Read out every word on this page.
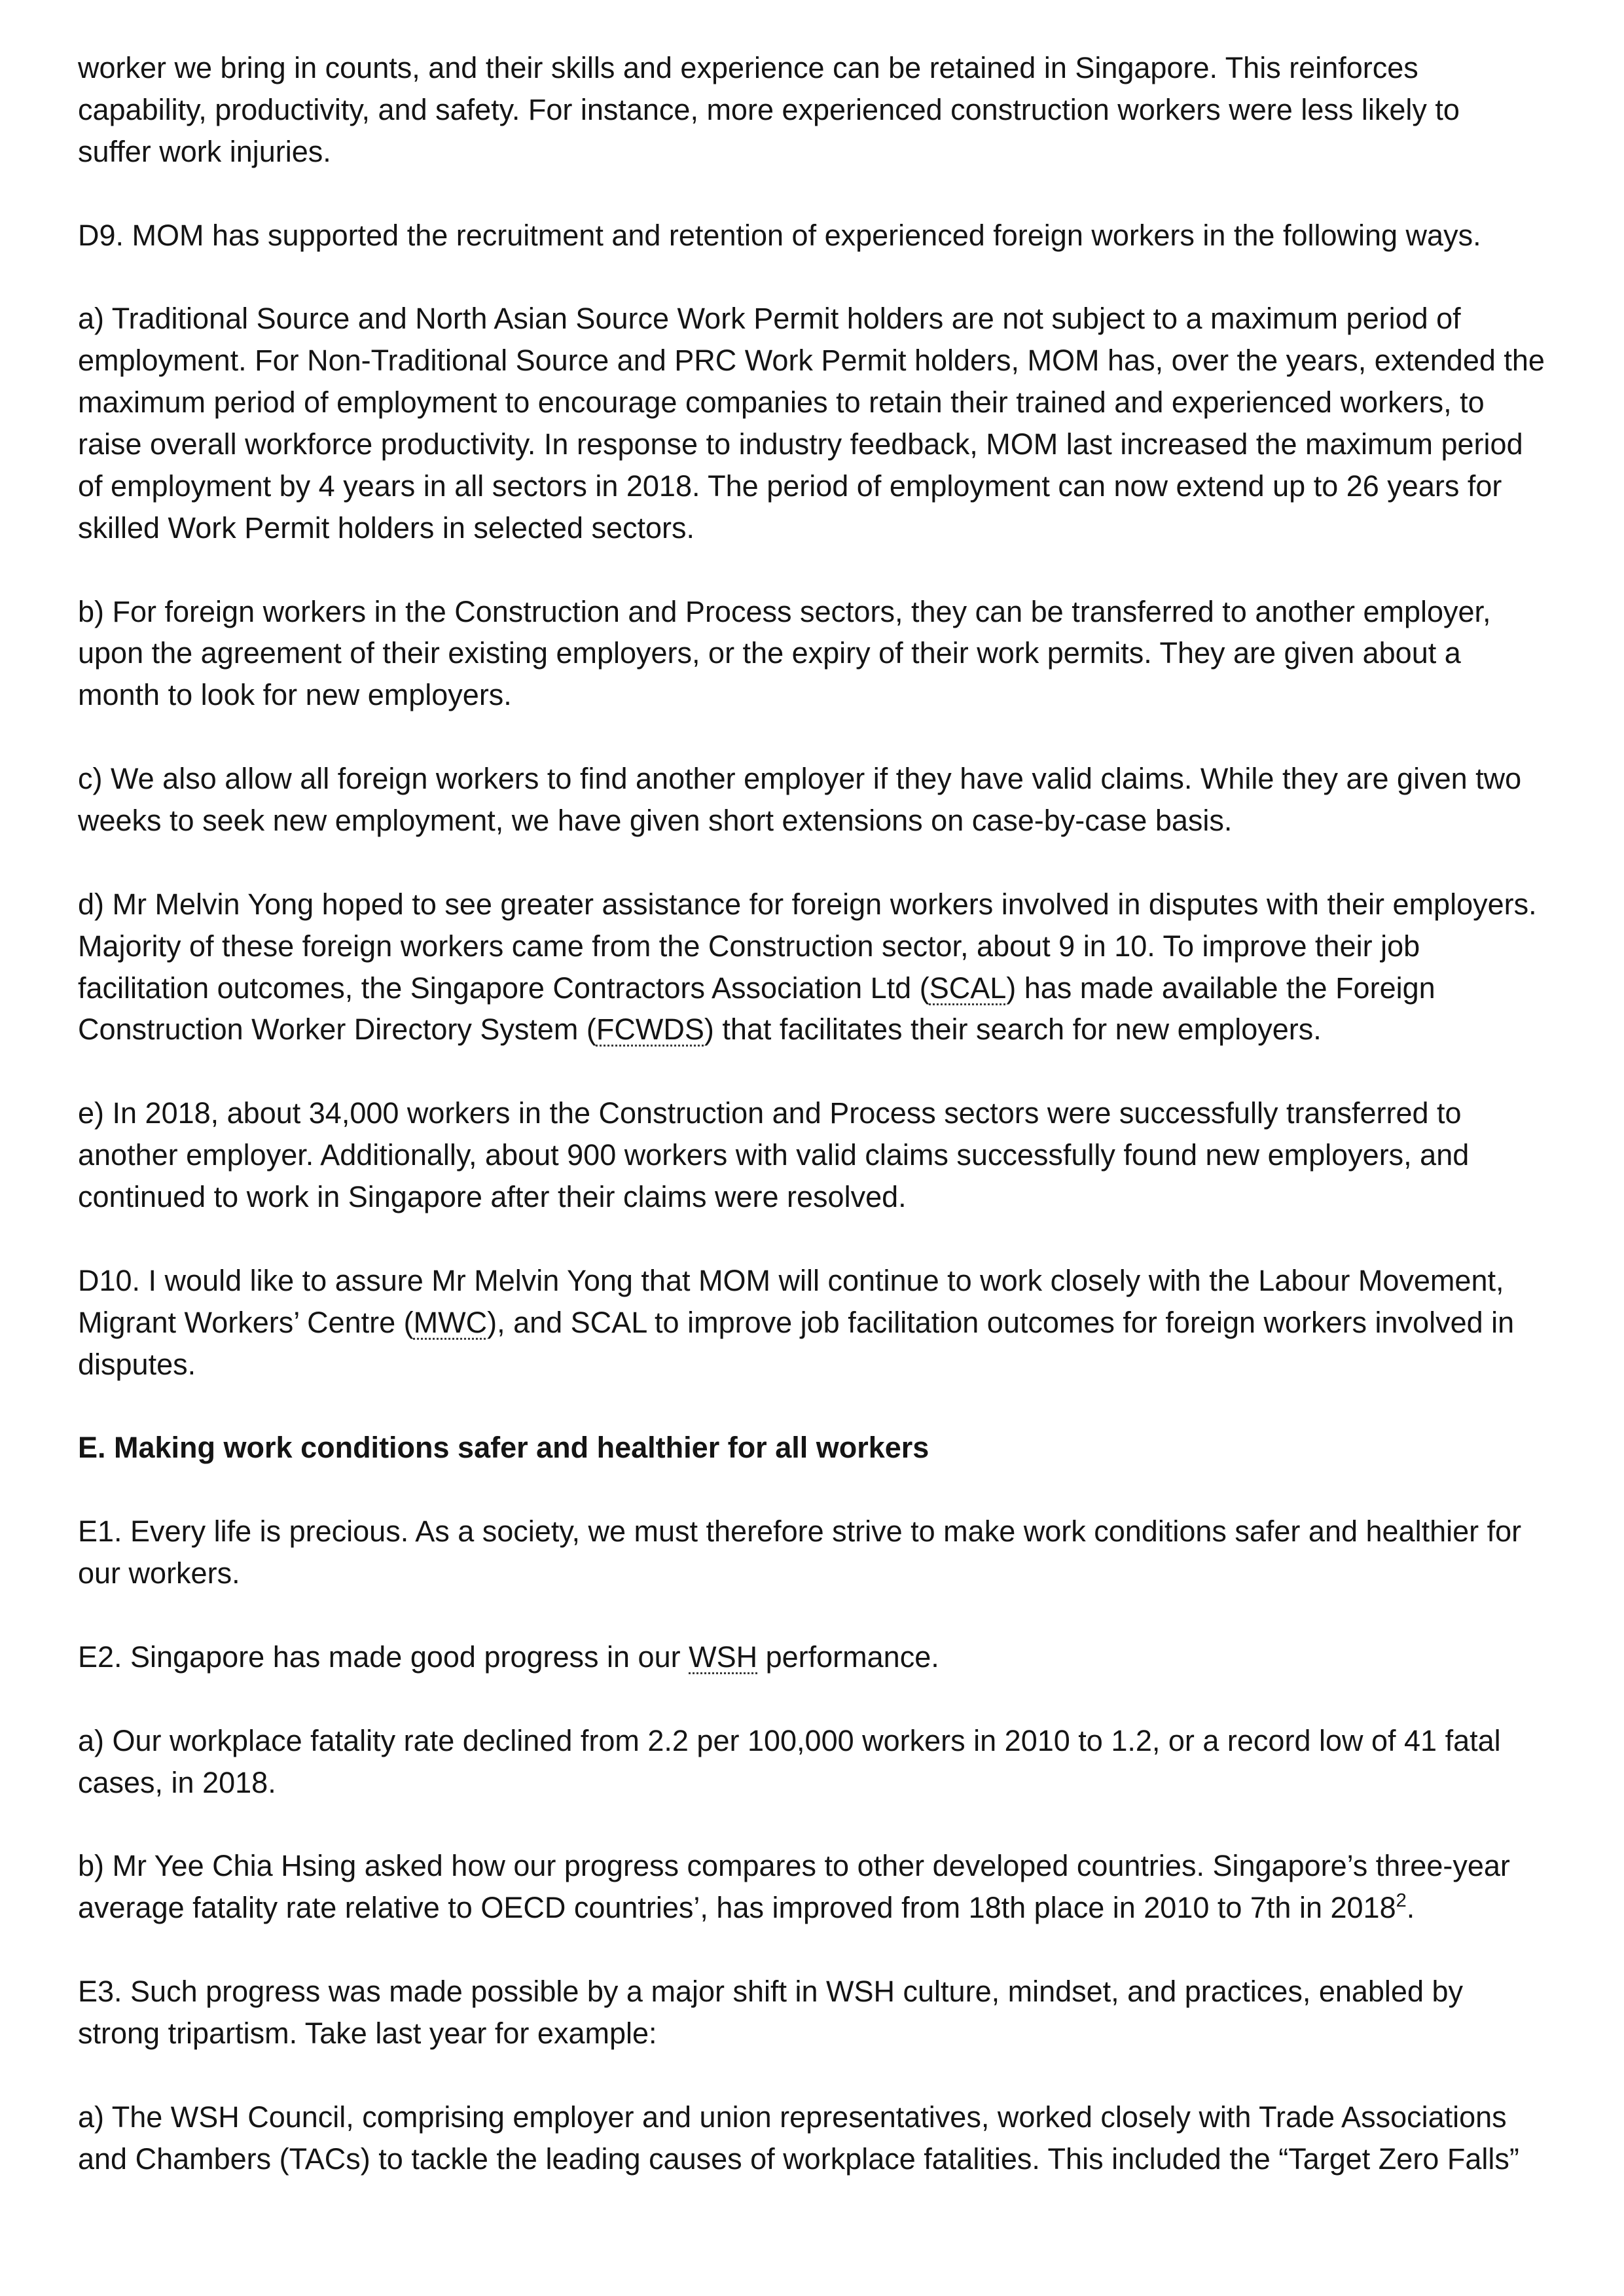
worker we bring in counts, and their skills and experience can be retained in Singapore. This reinforces
capability, productivity, and safety. For instance, more experienced construction workers were less likely to
suffer work injuries.
D9. MOM has supported the recruitment and retention of experienced foreign workers in the following ways.
a) Traditional Source and North Asian Source Work Permit holders are not subject to a maximum period of
employment. For Non-Traditional Source and PRC Work Permit holders, MOM has, over the years, extended the
maximum period of employment to encourage companies to retain their trained and experienced workers, to
raise overall workforce productivity. In response to industry feedback, MOM last increased the maximum period
of employment by 4 years in all sectors in 2018. The period of employment can now extend up to 26 years for
skilled Work Permit holders in selected sectors.
b) For foreign workers in the Construction and Process sectors, they can be transferred to another employer,
upon the agreement of their existing employers, or the expiry of their work permits. They are given about a
month to look for new employers.
c) We also allow all foreign workers to find another employer if they have valid claims. While they are given two
weeks to seek new employment, we have given short extensions on case-by-case basis.
d) Mr Melvin Yong hoped to see greater assistance for foreign workers involved in disputes with their employers.
Majority of these foreign workers came from the Construction sector, about 9 in 10. To improve their job
facilitation outcomes, the Singapore Contractors Association Ltd (SCAL) has made available the Foreign
Construction Worker Directory System (FCWDS) that facilitates their search for new employers.
e) In 2018, about 34,000 workers in the Construction and Process sectors were successfully transferred to
another employer. Additionally, about 900 workers with valid claims successfully found new employers, and
continued to work in Singapore after their claims were resolved.
D10. I would like to assure Mr Melvin Yong that MOM will continue to work closely with the Labour Movement,
Migrant Workers’ Centre (MWC), and SCAL to improve job facilitation outcomes for foreign workers involved in
disputes.
E. Making work conditions safer and healthier for all workers
E1. Every life is precious. As a society, we must therefore strive to make work conditions safer and healthier for
our workers.
E2. Singapore has made good progress in our WSH performance.
a) Our workplace fatality rate declined from 2.2 per 100,000 workers in 2010 to 1.2, or a record low of 41 fatal
cases, in 2018.
b) Mr Yee Chia Hsing asked how our progress compares to other developed countries. Singapore’s three-year
average fatality rate relative to OECD countries’, has improved from 18th place in 2010 to 7th in 2018$^2$.
E3. Such progress was made possible by a major shift in WSH culture, mindset, and practices, enabled by
strong tripartism. Take last year for example:
a) The WSH Council, comprising employer and union representatives, worked closely with Trade Associations
and Chambers (TACs) to tackle the leading causes of workplace fatalities. This included the “Target Zero Falls”
